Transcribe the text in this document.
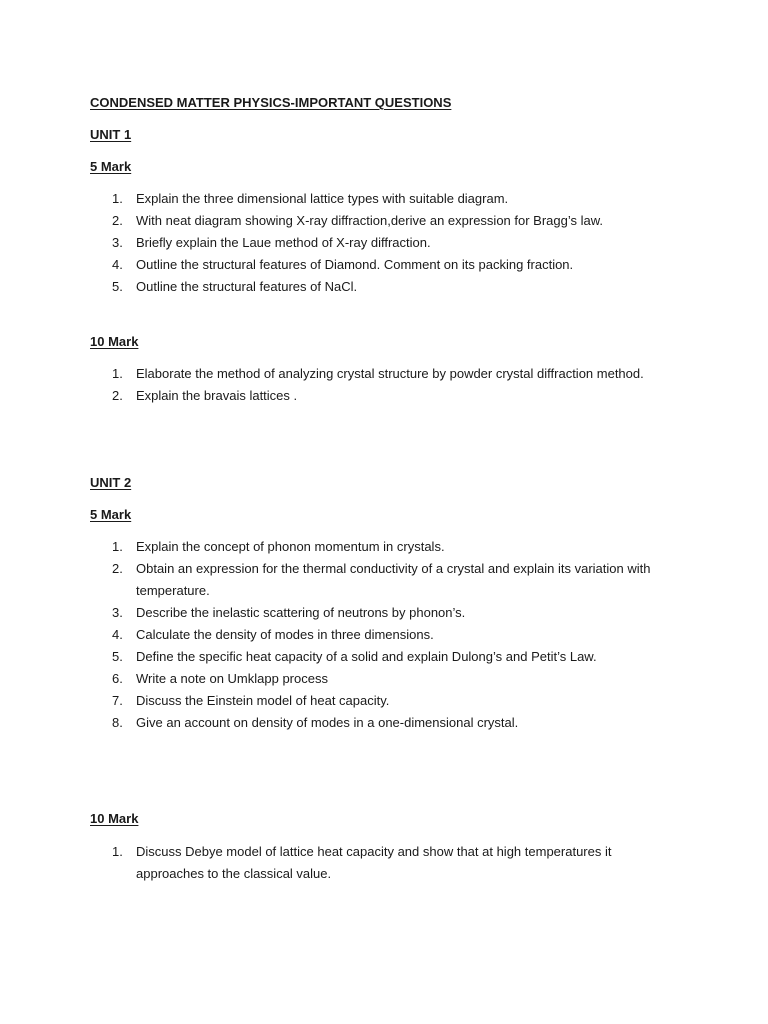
CONDENSED MATTER PHYSICS-IMPORTANT QUESTIONS
UNIT 1
5 Mark
1.	Explain the three dimensional lattice types with suitable diagram.
2.	With neat diagram showing X-ray diffraction,derive an expression for Bragg’s law.
3.	Briefly explain the Laue method of X-ray diffraction.
4.	Outline the structural features of Diamond. Comment on its packing fraction.
5.	Outline the structural features of NaCl.
10 Mark
1.	Elaborate the method of analyzing crystal structure by powder crystal diffraction method.
2.	Explain the bravais lattices .
UNIT 2
5 Mark
1.	Explain the concept of phonon momentum in crystals.
2.	Obtain an expression for the thermal conductivity of a crystal and explain its variation with temperature.
3.	Describe the inelastic scattering of neutrons by phonon’s.
4.	Calculate the density of modes in three dimensions.
5.	Define the specific heat capacity of a solid and explain Dulong’s and Petit’s Law.
6.	Write a note on Umklapp process
7.	Discuss the Einstein model of heat capacity.
8.	Give an account on density of modes in a one-dimensional crystal.
10 Mark
1.	Discuss Debye model of lattice heat capacity and show that at high temperatures it approaches to the classical value.
